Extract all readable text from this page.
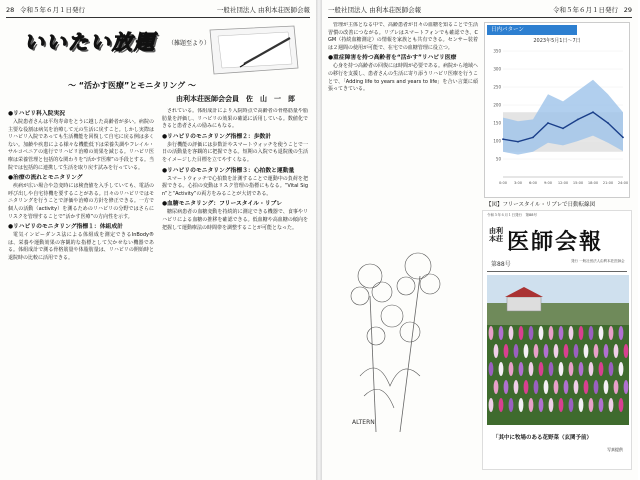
28 令和５年６月１日発行	一般社団法人 由利本荘医師会報
いいたい放題 （雑題至より）
～ “活かす医療”とモニタリング ～
由利本荘医師会会員　佐　山　一　郎
●リハビリ科入院実況

入院患者さんは平均寿命をとうに越した高齢者が多い。病院の主要な役割は病気を治療して元の生活に戻すこと。しかし実際はリハビリ入院であっても生活機能を回復して自宅に戻る例は多くない。加齢や疾患による様々な機能低下は栄養失調やフレイル・サルコペニアの進行でリハビリ治療の効果を減じる。リハビリ医療は栄養管理と包括的な関わりを“活かす医療”の手段とする。当院では包括的に連携して生活を取り戻す試みを行っている。

●治療の流れとモニタリング

疾病が広い場合や急変時には検査値を入手していても、電話の呼び出しや自宅待機を要することがある。日々のリハビリではモニタリングを行うことで評価や治療の方針を修正できる。一方で個人の活動（activity）を測るためのリハビリの分野ではさらにリスクを管理することで“活かす医療”の方向性を示す。

●リハビリのモニタリング指標１：体組成計

電気インピーダンス法による体組成を測定できるInBody®は、栄養や運動効果の客観的な指標として欠かせない機器である。体組成計で測る骨格筋量や体脂肪量は、リハビリの開始時と退院時の比較に活用できる。

されている。体組成計により入院時点で高齢者の骨格筋量や脂肪量を評価し、リハビリの効果の確認に活用している。数値化できると患者さんの励みにもなる。

●リハビリのモニタリング指標２：歩数計

歩行機能の評価には歩数計やスマートウォッチを使うことで一日の活動量を客観的に把握できる。短期の入院でも退院後の生活をイメージした目標を立てやすくなる。

●リハビリのモニタリング指標３：心拍数と運動量

スマートウォッチで心拍数を計測することで運動中の負荷を把握できる。心拍の変動はリスク管理の指標にもなる。“Vital Sign”と“Activity”の両方をみることが大切である。

●血糖モニタリング：フリースタイル・リブレ

糖尿病患者の血糖変動を持続的に測定できる機器で、食事やリハビリによる血糖の推移を確認できる。低血糖や高血糖の傾向を把握して運動療法の時間帯を調整することが可能となった。

一般社団法人 由利本荘医師会報	令和５年６月１日発行 29

管理が主体となる中で、高齢患者が日々の血糖を知ることで生活習慣の改善につながる。リブレはスマートフォンでも確認でき、CGM（持続血糖測定）の情報を家族とも共有できる。センサー装着は２週間の使用が可能で、在宅での血糖管理に役立つ。

●重症障害を持つ高齢者を“活かす”リハビリ医療

心身を持つ高齢者の回復には時間が必要である。病院から地域への移行を支援し、患者さんの生活に寄り添うリハビリ医療を行うことで、「Adding life to years and years to life」を合い言葉に頑張ってきている。

日内パターン
2023年5月1日～7日
50
100
150
200
250
300
350
0:00 3:00 6:00 9:00 12:00 15:00 18:00 21:00 24:00
【図】フリースタイル・リブレで日動転線図
ALTERN
令和５年６月１日発行　第88号
由利本荘 医師会報
第88号	発行 一般社団法人由利本荘医師会
「其中に牧場のある花野菜（玄関予前）
写真提供
